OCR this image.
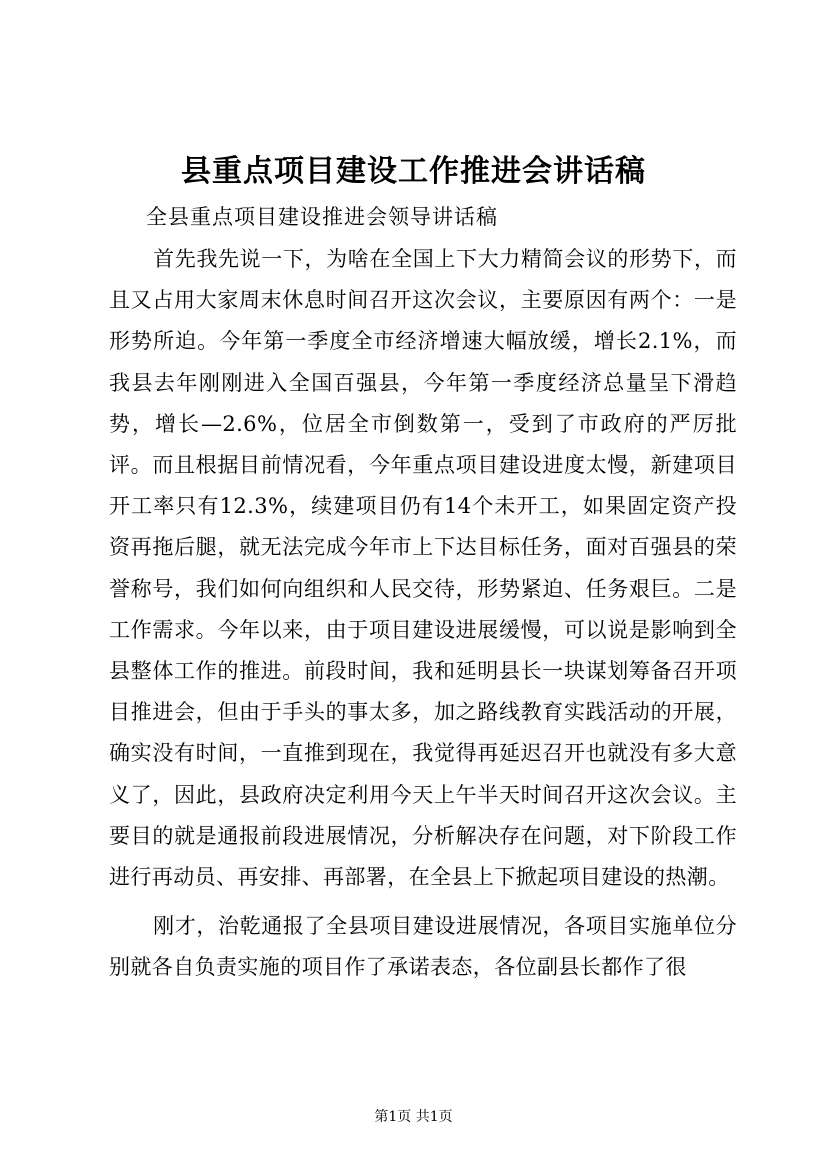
县重点项目建设工作推进会讲话稿
全县重点项目建设推进会领导讲话稿

首先我先说一下，为啥在全国上下大力精简会议的形势下，而且又占用大家周末休息时间召开这次会议，主要原因有两个：一是形势所迫。今年第一季度全市经济增速大幅放缓，增长2.1%，而我县去年刚刚进入全国百强县，今年第一季度经济总量呈下滑趋势，增长—2.6%，位居全市倒数第一，受到了市政府的严厉批评。而且根据目前情况看，今年重点项目建设进度太慢，新建项目开工率只有12.3%，续建项目仍有14个未开工，如果固定资产投资再拖后腿，就无法完成今年市上下达目标任务，面对百强县的荣誉称号，我们如何向组织和人民交待，形势紧迫、任务艰巨。二是工作需求。今年以来，由于项目建设进展缓慢，可以说是影响到全县整体工作的推进。前段时间，我和延明县长一块谋划筹备召开项目推进会，但由于手头的事太多，加之路线教育实践活动的开展，确实没有时间，一直推到现在，我觉得再延迟召开也就没有多大意义了，因此，县政府决定利用今天上午半天时间召开这次会议。主要目的就是通报前段进展情况，分析解决存在问题，对下阶段工作进行再动员、再安排、再部署，在全县上下掀起项目建设的热潮。

刚才，治乾通报了全县项目建设进展情况，各项目实施单位分别就各自负责实施的项目作了承诺表态，各位副县长都作了很

第1页 共1页
